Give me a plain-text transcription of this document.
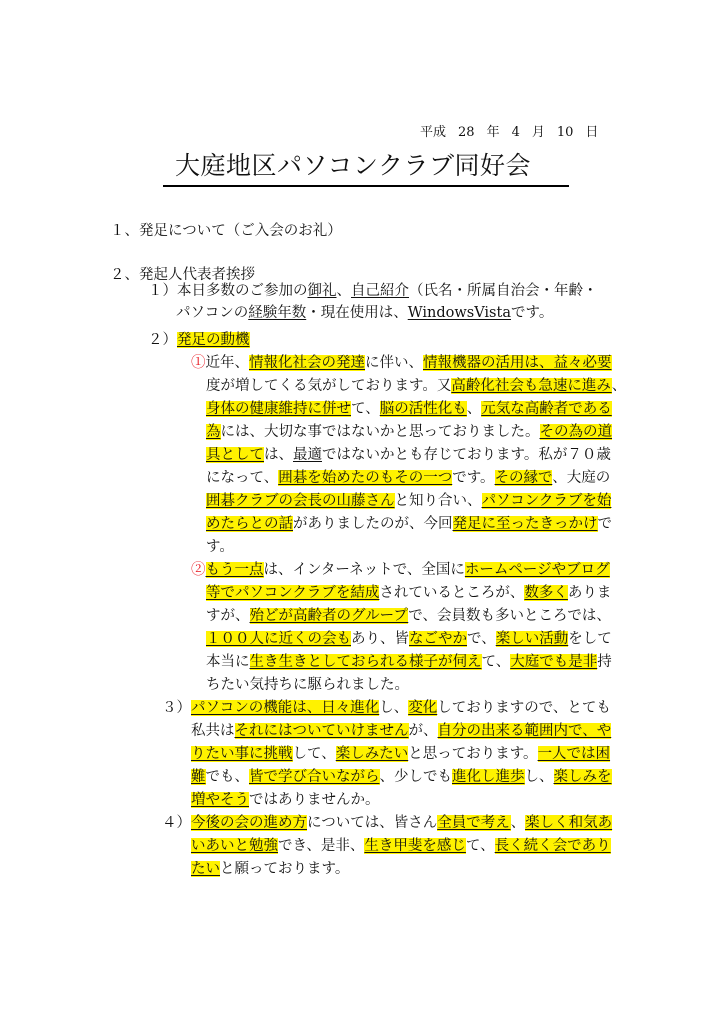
平成 28 年 4 月 10 日
大庭地区パソコンクラブ同好会
１、発足について（ご入会のお礼）
２、発起人代表者挨拶
１）本日多数のご参加の御礼、自己紹介（氏名・所属自治会・年齢・
パソコンの経験年数・現在使用は、WindowsVistaです。
２）発足の動機
①近年、情報化社会の発達に伴い、情報機器の活用は、益々必要
度が増してくる気がしております。又高齢化社会も急速に進み、
身体の健康維持に併せて、脳の活性化も、元気な高齢者である
為には、大切な事ではないかと思っておりました。その為の道
具としては、最適ではないかとも存じております。私が７０歳
になって、囲碁を始めたのもその一つです。その縁で、大庭の
囲碁クラブの会長の山藤さんと知り合い、パソコンクラブを始
めたらとの話がありましたのが、今回発足に至ったきっかけで
す。
②もう一点は、インターネットで、全国にホームページやブログ
等でパソコンクラブを結成されているところが、数多くありま
すが、殆どが高齢者のグループで、会員数も多いところでは、
１００人に近くの会もあり、皆なごやかで、楽しい活動をして
本当に生き生きとしておられる様子が伺えて、大庭でも是非持
ちたい気持ちに駆られました。
３）パソコンの機能は、日々進化し、変化しておりますので、とても
私共はそれにはついていけませんが、自分の出来る範囲内で、や
りたい事に挑戦して、楽しみたいと思っております。一人では困
難でも、皆で学び合いながら、少しでも進化し進歩し、楽しみを
増やそうではありませんか。
４）今後の会の進め方については、皆さん全員で考え、楽しく和気あ
いあいと勉強でき、是非、生き甲斐を感じて、長く続く会であり
たいと願っております。
